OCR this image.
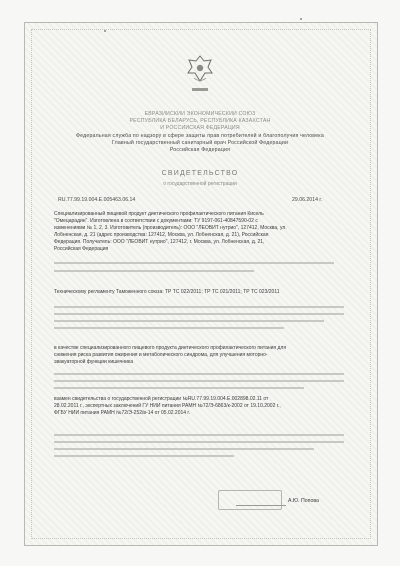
ЕВРАЗИЙСКИЙ ЭКОНОМИЧЕСКИЙ СОЮЗ
РЕСПУБЛИКА БЕЛАРУСЬ, РЕСПУБЛИКА КАЗАХСТАН
И РОССИЙСКАЯ ФЕДЕРАЦИЯ
Федеральная служба по надзору в сфере защиты прав потребителей и благополучия человека
Главный государственный санитарный врач Российской Федерации
Российская Федерация
СВИДЕТЕЛЬСТВО
о государственной регистрации
RU.77.99.19.004.Е.005463.06.14	29.06.2014 г.
Специализированный пищевой продукт диетического профилактического питания Кисель
"Омецарадин". Изготовлена в соответствии с документами: ТУ 9197-061-40847590-02 с
изменениями № 1, 2, 3. Изготовитель (производитель): ООО "ЛЕОВИТ нутрио", 127412, Москва, ул.
Лобненская, д. 21 (адрес производства: 127412, Москва, ул. Лобненская, д. 21), Российская
Федерация. Получатель: ООО "ЛЕОВИТ нутрио", 127412, г. Москва, ул. Лобненская, д. 21,
Российская Федерация
Техническому регламенту Таможенного союза: ТР ТС 022/2011; ТР ТС 021/2011; ТР ТС 023/2011
в качестве специализированного пищевого продукта диетического профилактического питания для
снижения риска развития ожирения и метаболического синдрома, для улучшения моторно-
эвакуаторной функции кишечника
взамен свидетельства о государственной регистрации №RU.77.99.19.004.Е.002898.02.11 от
28.02.2011 г., экспертных заключений ГУ НИИ питания РАМН №72/Э-6863/к-2002 от 19.10.2002 г.,
ФГБУ НИИ питания РАМН №72/Э-252/в-14 от 05.02.2014 г.
А.Ю. Попова
